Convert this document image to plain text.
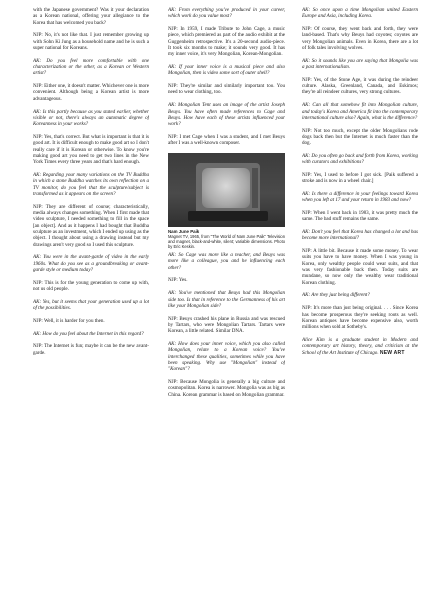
with the Japanese government? Was it your declaration as a Korean national, offering your allegiance to the Korea that has welcomed you back?

NJP: No, it's not like that. I just remember growing up with Sohn Ki Jung as a household name and he is such a super national for Koreans.

AK: Do you feel more comfortable with one characterization or the other, as a Korean or Western artist?

NJP: Either one, it doesn't matter. Whichever one is more convenient. Although being a Korean artist is more advantageous.

AK: Is this partly because as you stated earlier, whether visible or not, there's always an automatic degree of Koreanness in your works?

NJP: Yes, that's correct. But what is important is that it is good art. It is difficult enough to make good art so I don't really care if it is Korean or otherwise. To know you're making good art you need to get two lines in the New York Times every three years and that's hard enough.

AK: Regarding your many variations on the TV Buddha in which a stone Buddha watches its own reflection on a TV monitor, do you feel that the sculpture/subject is transformed as it appears on the screen?

NJP: They are different of course; characteristically, media always changes something. When I first made that video sculpture, I needed something to fill in the space [an object]. And as it happens I had bought that Buddha sculpture as an investment, which I ended up using as the object. I thought about using a drawing instead but my drawings aren't very good so I used this sculpture.

AK: You were in the avant-garde of video in the early 1960s. What do you see as a groundbreaking or avant-garde style or medium today?

NJP: This is for the young generation to come up with, not us old people.

AK: Yes, but it seems that your generation used up a lot of the possibilities.

NJP: Well, it is harder for you then.

AK: How do you feel about the Internet in this regard?

NJP: The Internet is fun; maybe it can be the new avant-garde.

AK: From everything you've produced in your career, which work do you value most?

NJP: In 1959, I made Tribute to John Cage, a music piece, which premiered as part of the audio exhibit at the Guggenheim retrospective. It's a 20-second audio-piece. It took six months to make; it sounds very good. It has my inner voice, it's very Mongolian, Korean-Mongolian.

AK: If your inner voice is a musical piece and also Mongolian, then is video some sort of outer shell?

NJP: They're similar and similarly important too. You need to wear clothing, too.

AK: Mongolian Tent uses an image of the artist Joseph Beuys. You have often made references to Cage and Beuys. How have each of these artists influenced your work?

NJP: I met Cage when I was a student, and I met Beuys after I was a well-known composer.

Nam June Paik
Magnet TV, 1965, from "The World of Nam June Paik" Television and magnet, black-and-white, silent; variable dimensions. Photo by Eric Keskin.

AK: So Cage was more like a teacher, and Beuys was more like a colleague, you and he influencing each other?

NJP: Yes.

AK: You've mentioned that Beuys had this Mongolian side too. Is that in reference to the Germanness of his art like your Mongolian side?

NJP: Beuys crashed his plane in Russia and was rescued by Tartars, who were Mongolian Tartars. Tartars were Korean, a little related. Similar DNA.

AK: How does your inner voice, which you also called Mongolian, relate to a Korean voice? You've interchanged these qualities, sometimes while you have been speaking. Why use "Mongolian" instead of "Korean"?

NJP: Because Mongolia is generally a big culture and cosmopolitan. Korea is narrower. Mongolia was as big as China. Korean grammar is based on Mongolian grammar.

AK: So once upon a time Mongolism united Eastern Europe and Asia, including Korea.

NJP: Of course, they went back and forth, they were land-based. That's why Beuys had coyotes; coyotes are very Mongolian animals. Even in Korea, there are a lot of folk tales involving wolves.

AK: So it sounds like you are saying that Mongolia was a past internationalism.

NJP: Yes, of the Stone Age, it was during the reindeer culture. Alaska, Greenland, Canada, and Eskimos; they're all reindeer cultures, very strong cultures.

AK: Can all that somehow fit into Mongolian culture, and today's Korea and America fit into the contemporary international culture also? Again, what is the difference?

NJP: Not too much, except the older Mongolians rode dogs back then but the Internet is much faster than the dog.

AK: Do you often go back and forth from Korea, working with curators and exhibitions?

NJP: Yes, I used to before I got sick. [Paik suffered a stroke and is now in a wheel chair.]

AK: Is there a difference in your feelings toward Korea when you left at 17 and your return in 1983 and now?

NJP: When I went back in 1983, it was pretty much the same. The bad stuff remains the same.

AK: Don't you feel that Korea has changed a lot and has become more international?

NJP: A little bit. Because it made some money. To wear suits you have to have money. When I was young in Korea, only wealthy people could wear suits, and that was very fashionable back then. Today suits are mundane, so now only the wealthy wear traditional Korean clothing.

AK: Are they just being different?

NJP: It's more than just being original. . . . Since Korea has become prosperous they're seeking roots as well. Korean antiques have become expensive also, worth millions when sold at Sotheby's.

Alice Kim is a graduate student in Modern and contemporary art history, theory, and criticism at the School of the Art Institute of Chicago. NEW ART
